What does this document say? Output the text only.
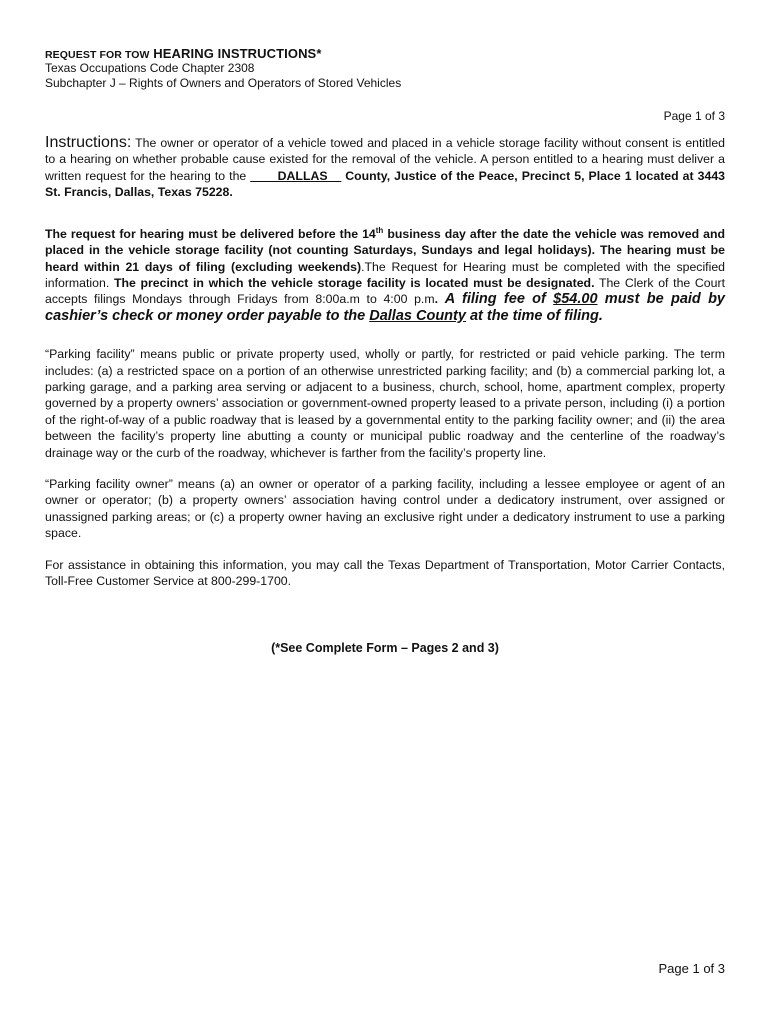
REQUEST FOR TOW HEARING INSTRUCTIONS*

Texas Occupations Code Chapter 2308

Subchapter J – Rights of Owners and Operators of Stored Vehicles

Page 1 of 3

Instructions: The owner or operator of a vehicle towed and placed in a vehicle storage facility without consent is entitled to a hearing on whether probable cause existed for the removal of the vehicle. A person entitled to a hearing must deliver a written request for the hearing to the ____DALLAS__ County, Justice of the Peace, Precinct 5, Place 1 located at 3443 St. Francis, Dallas, Texas 75228.

The request for hearing must be delivered before the 14th business day after the date the vehicle was removed and placed in the vehicle storage facility (not counting Saturdays, Sundays and legal holidays). The hearing must be heard within 21 days of filing (excluding weekends).The Request for Hearing must be completed with the specified information. The precinct in which the vehicle storage facility is located must be designated. The Clerk of the Court accepts filings Mondays through Fridays from 8:00a.m to 4:00 p.m. A filing fee of $54.00 must be paid by cashier’s check or money order payable to the Dallas County at the time of filing.

“Parking facility” means public or private property used, wholly or partly, for restricted or paid vehicle parking. The term includes: (a) a restricted space on a portion of an otherwise unrestricted parking facility; and (b) a commercial parking lot, a parking garage, and a parking area serving or adjacent to a business, church, school, home, apartment complex, property governed by a property owners’ association or government-owned property leased to a private person, including (i) a portion of the right-of-way of a public roadway that is leased by a governmental entity to the parking facility owner; and (ii) the area between the facility’s property line abutting a county or municipal public roadway and the centerline of the roadway’s drainage way or the curb of the roadway, whichever is farther from the facility’s property line.

“Parking facility owner” means (a) an owner or operator of a parking facility, including a lessee employee or agent of an owner or operator; (b) a property owners’ association having control under a dedicatory instrument, over assigned or unassigned parking areas; or (c) a property owner having an exclusive right under a dedicatory instrument to use a parking space.

For assistance in obtaining this information, you may call the Texas Department of Transportation, Motor Carrier Contacts, Toll-Free Customer Service at 800-299-1700.

(*See Complete Form – Pages 2 and 3)
Page 1 of 3
